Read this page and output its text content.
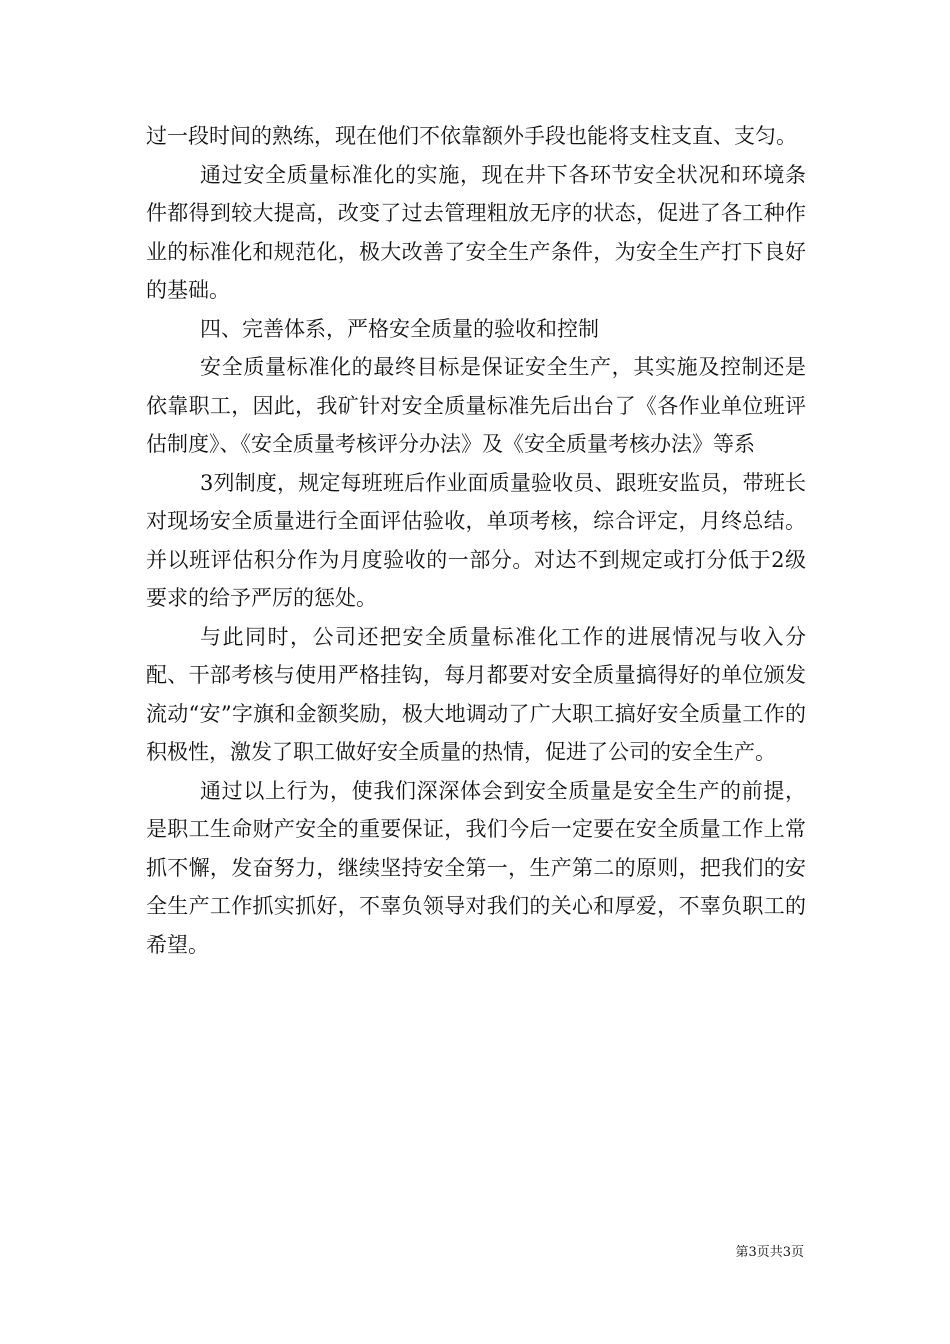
过一段时间的熟练，现在他们不依靠额外手段也能将支柱支直、支匀。

通过安全质量标准化的实施，现在井下各环节安全状况和环境条件都得到较大提高，改变了过去管理粗放无序的状态，促进了各工种作业的标准化和规范化，极大改善了安全生产条件，为安全生产打下良好的基础。

四、完善体系，严格安全质量的验收和控制

安全质量标准化的最终目标是保证安全生产，其实施及控制还是依靠职工，因此，我矿针对安全质量标准先后出台了《各作业单位班评估制度》、《安全质量考核评分办法》及《安全质量考核办法》等系

3列制度，规定每班班后作业面质量验收员、跟班安监员，带班长对现场安全质量进行全面评估验收，单项考核，综合评定，月终总结。并以班评估积分作为月度验收的一部分。对达不到规定或打分低于2级要求的给予严厉的惩处。

与此同时，公司还把安全质量标准化工作的进展情况与收入分配、干部考核与使用严格挂钩，每月都要对安全质量搞得好的单位颁发流动“安”字旗和金额奖励，极大地调动了广大职工搞好安全质量工作的积极性，激发了职工做好安全质量的热情，促进了公司的安全生产。

通过以上行为，使我们深深体会到安全质量是安全生产的前提，是职工生命财产安全的重要保证，我们今后一定要在安全质量工作上常抓不懈，发奋努力，继续坚持安全第一，生产第二的原则，把我们的安全生产工作抓实抓好，不辜负领导对我们的关心和厚爱，不辜负职工的希望。

第3页共3页
